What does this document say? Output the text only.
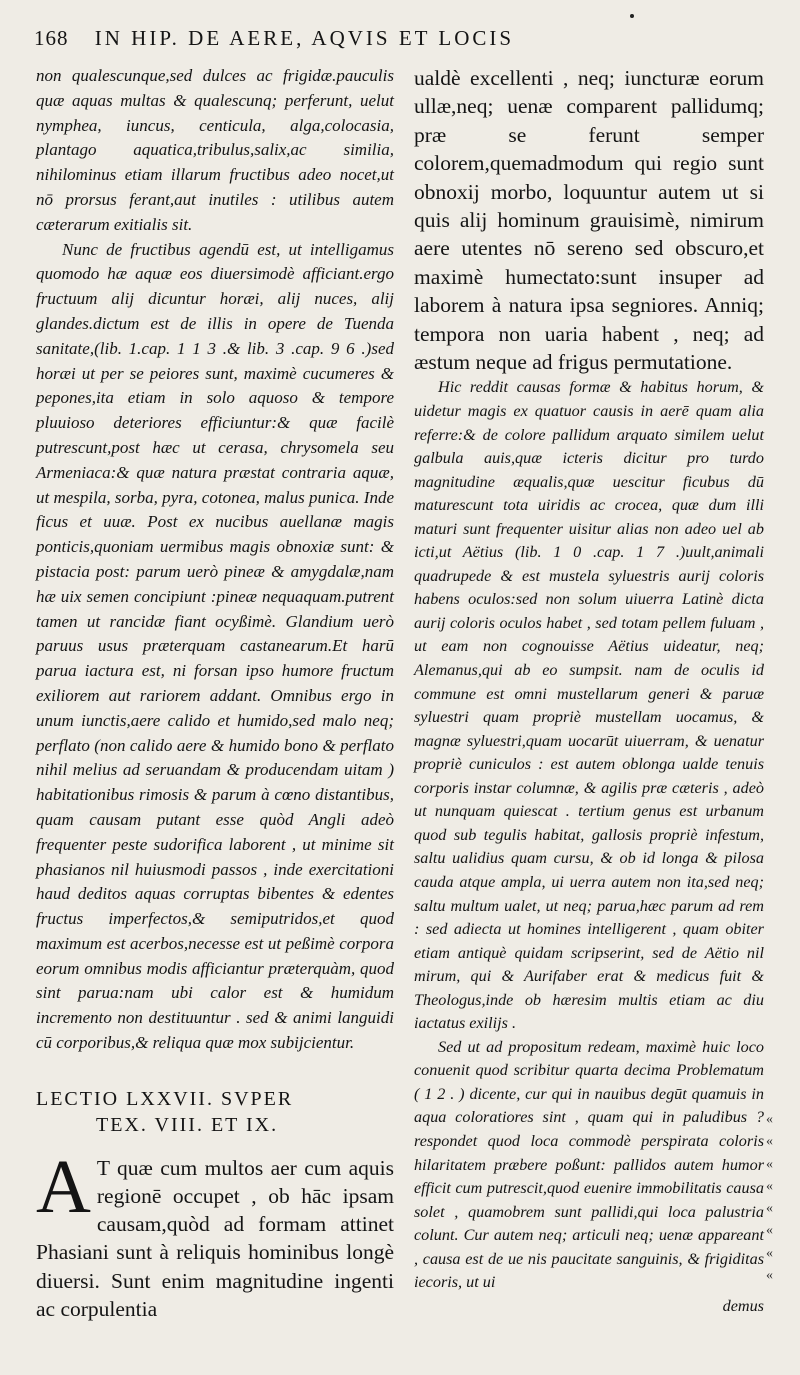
168 IN HIP. DE AERE, AQVIS ET LOCIS

non qualescunque,sed dulces ac frigidæ.pauculis quæ aquas multas & qualescunq; perferunt, uelut nymphea, iuncus, centicula, alga,colocasia, plantago aquatica,tribulus,salix,ac similia, nihilominus etiam illarum fructibus adeo nocet,ut nō prorsus ferant,aut inutiles : utilibus autem cæterarum exitialis sit.

Nunc de fructibus agendū est, ut intelligamus quomodo hæ aquæ eos diuersimodè afficiant.ergo fructuum alij dicuntur horæi, alij nuces, alij glandes.dictum est de illis in opere de Tuenda sanitate,(lib. 1.cap. 1 1 3 .& lib. 3 .cap. 9 6 .)sed horæi ut per se peiores sunt, maximè cucumeres & pepones,ita etiam in solo aquoso & tempore pluuioso deteriores efficiuntur:& quæ facilè putrescunt,post hæc ut cerasa, chrysomela seu Armeniaca:& quæ natura præstat contraria aquæ, ut mespila, sorba, pyra, cotonea, malus punica. Inde ficus et uuæ. Post ex nucibus auellanæ magis ponticis,quoniam uermibus magis obnoxiæ sunt: & pistacia post: parum uerò pineæ & amygdalæ,nam hæ uix semen concipiunt :pineæ nequaquam.putrent tamen ut rancidæ fiant ocyßimè. Glandium uerò paruus usus præterquam castanearum.Et harū parua iactura est, ni forsan ipso humore fructum exiliorem aut rariorem addant. Omnibus ergo in unum iunctis,aere calido et humido,sed malo neq; perflato (non calido aere & humido bono & perflato nihil melius ad seruandam & producendam uitam ) habitationibus rimosis & parum à cœno distantibus, quam causam putant esse quòd Angli adeò frequenter peste sudorifica laborent , ut minime sit phasianos nil huiusmodi passos , inde exercitationi haud deditos aquas corruptas bibentes & edentes fructus imperfectos,& semiputridos,et quod maximum est acerbos,necesse est ut peßimè corpora eorum omnibus modis afficiantur præterquàm, quod sint parua:nam ubi calor est & humidum incremento non destituuntur . sed & animi languidi cū corporibus,& reliqua quæ mox subijcientur.

LECTIO LXXVII. SVPER
TEX. VIII. ET IX.
A T quæ cum multos aer cum aquis regionē occupet , ob hāc ipsam causam,quòd ad formam attinet Phasiani sunt à reliquis hominibus longè diuersi. Sunt enim magnitudine ingenti ac corpulentia

ualdè excellenti , neq; iuncturæ eorum ullæ,neq; uenæ comparent pallidumq; præ se ferunt semper colorem,quemadmodum qui regio sunt obnoxij morbo, loquuntur autem ut si quis alij hominum grauisimè, nimirum aere utentes nō sereno sed obscuro,et maximè humectato:sunt insuper ad laborem à natura ipsa segniores. Anniq; tempora non uaria habent , neq; ad æstum neque ad frigus permutatione.

Hic reddit causas formæ & habitus horum, & uidetur magis ex quatuor causis in aerē quam alia referre:& de colore pallidum arquato similem uelut galbula auis,quæ icteris dicitur pro turdo magnitudine æqualis,quæ uescitur ficubus dū maturescunt tota uiridis ac crocea, quæ dum illi maturi sunt frequenter uisitur alias non adeo uel ab icti,ut Aëtius (lib. 1 0 .cap. 1 7 .)uult,animali quadrupede & est mustela syluestris aurij coloris habens oculos:sed non solum uiuerra Latinè dicta aurij coloris oculos habet , sed totam pellem fuluam , ut eam non cognouisse Aëtius uideatur, neq; Alemanus,qui ab eo sumpsit. nam de oculis id commune est omni mustellarum generi & paruæ syluestri quam propriè mustellam uocamus, & magnæ syluestri,quam uocarūt uiuerram, & uenatur propriè cuniculos : est autem oblonga ualde tenuis corporis instar columnæ, & agilis præ cæteris , adeò ut nunquam quiescat . tertium genus est urbanum quod sub tegulis habitat, gallosis propriè infestum, saltu ualidius quam cursu, & ob id longa & pilosa cauda atque ampla, ui uerra autem non ita,sed neq; saltu multum ualet, ut neq; parua,hæc parum ad rem : sed adiecta ut homines intelligerent , quam obiter etiam antiquè quidam scripserint, sed de Aëtio nil mirum, qui & Aurifaber erat & medicus fuit & Theologus,inde ob hæresim multis etiam ac diu iactatus exilijs .

Sed ut ad propositum redeam, maximè huic loco conuenit quod scribitur quarta decima Problematum ( 1 2 . ) dicente, cur qui in nauibus degūt quamuis in aqua coloratiores sint , quam qui in paludibus ? respondet quod loca commodè perspirata coloris hilaritatem præbere poßunt: pallidos autem humor efficit cum putrescit,quod euenire immobilitatis causa solet , quamobrem sunt pallidi,qui loca palustria colunt. Cur autem neq; articuli neq; uenæ appareant , causa est de ue nis paucitate sanguinis, & frigiditas iecoris, ut ui

demus

«
«
«
«
«
«
«
«
